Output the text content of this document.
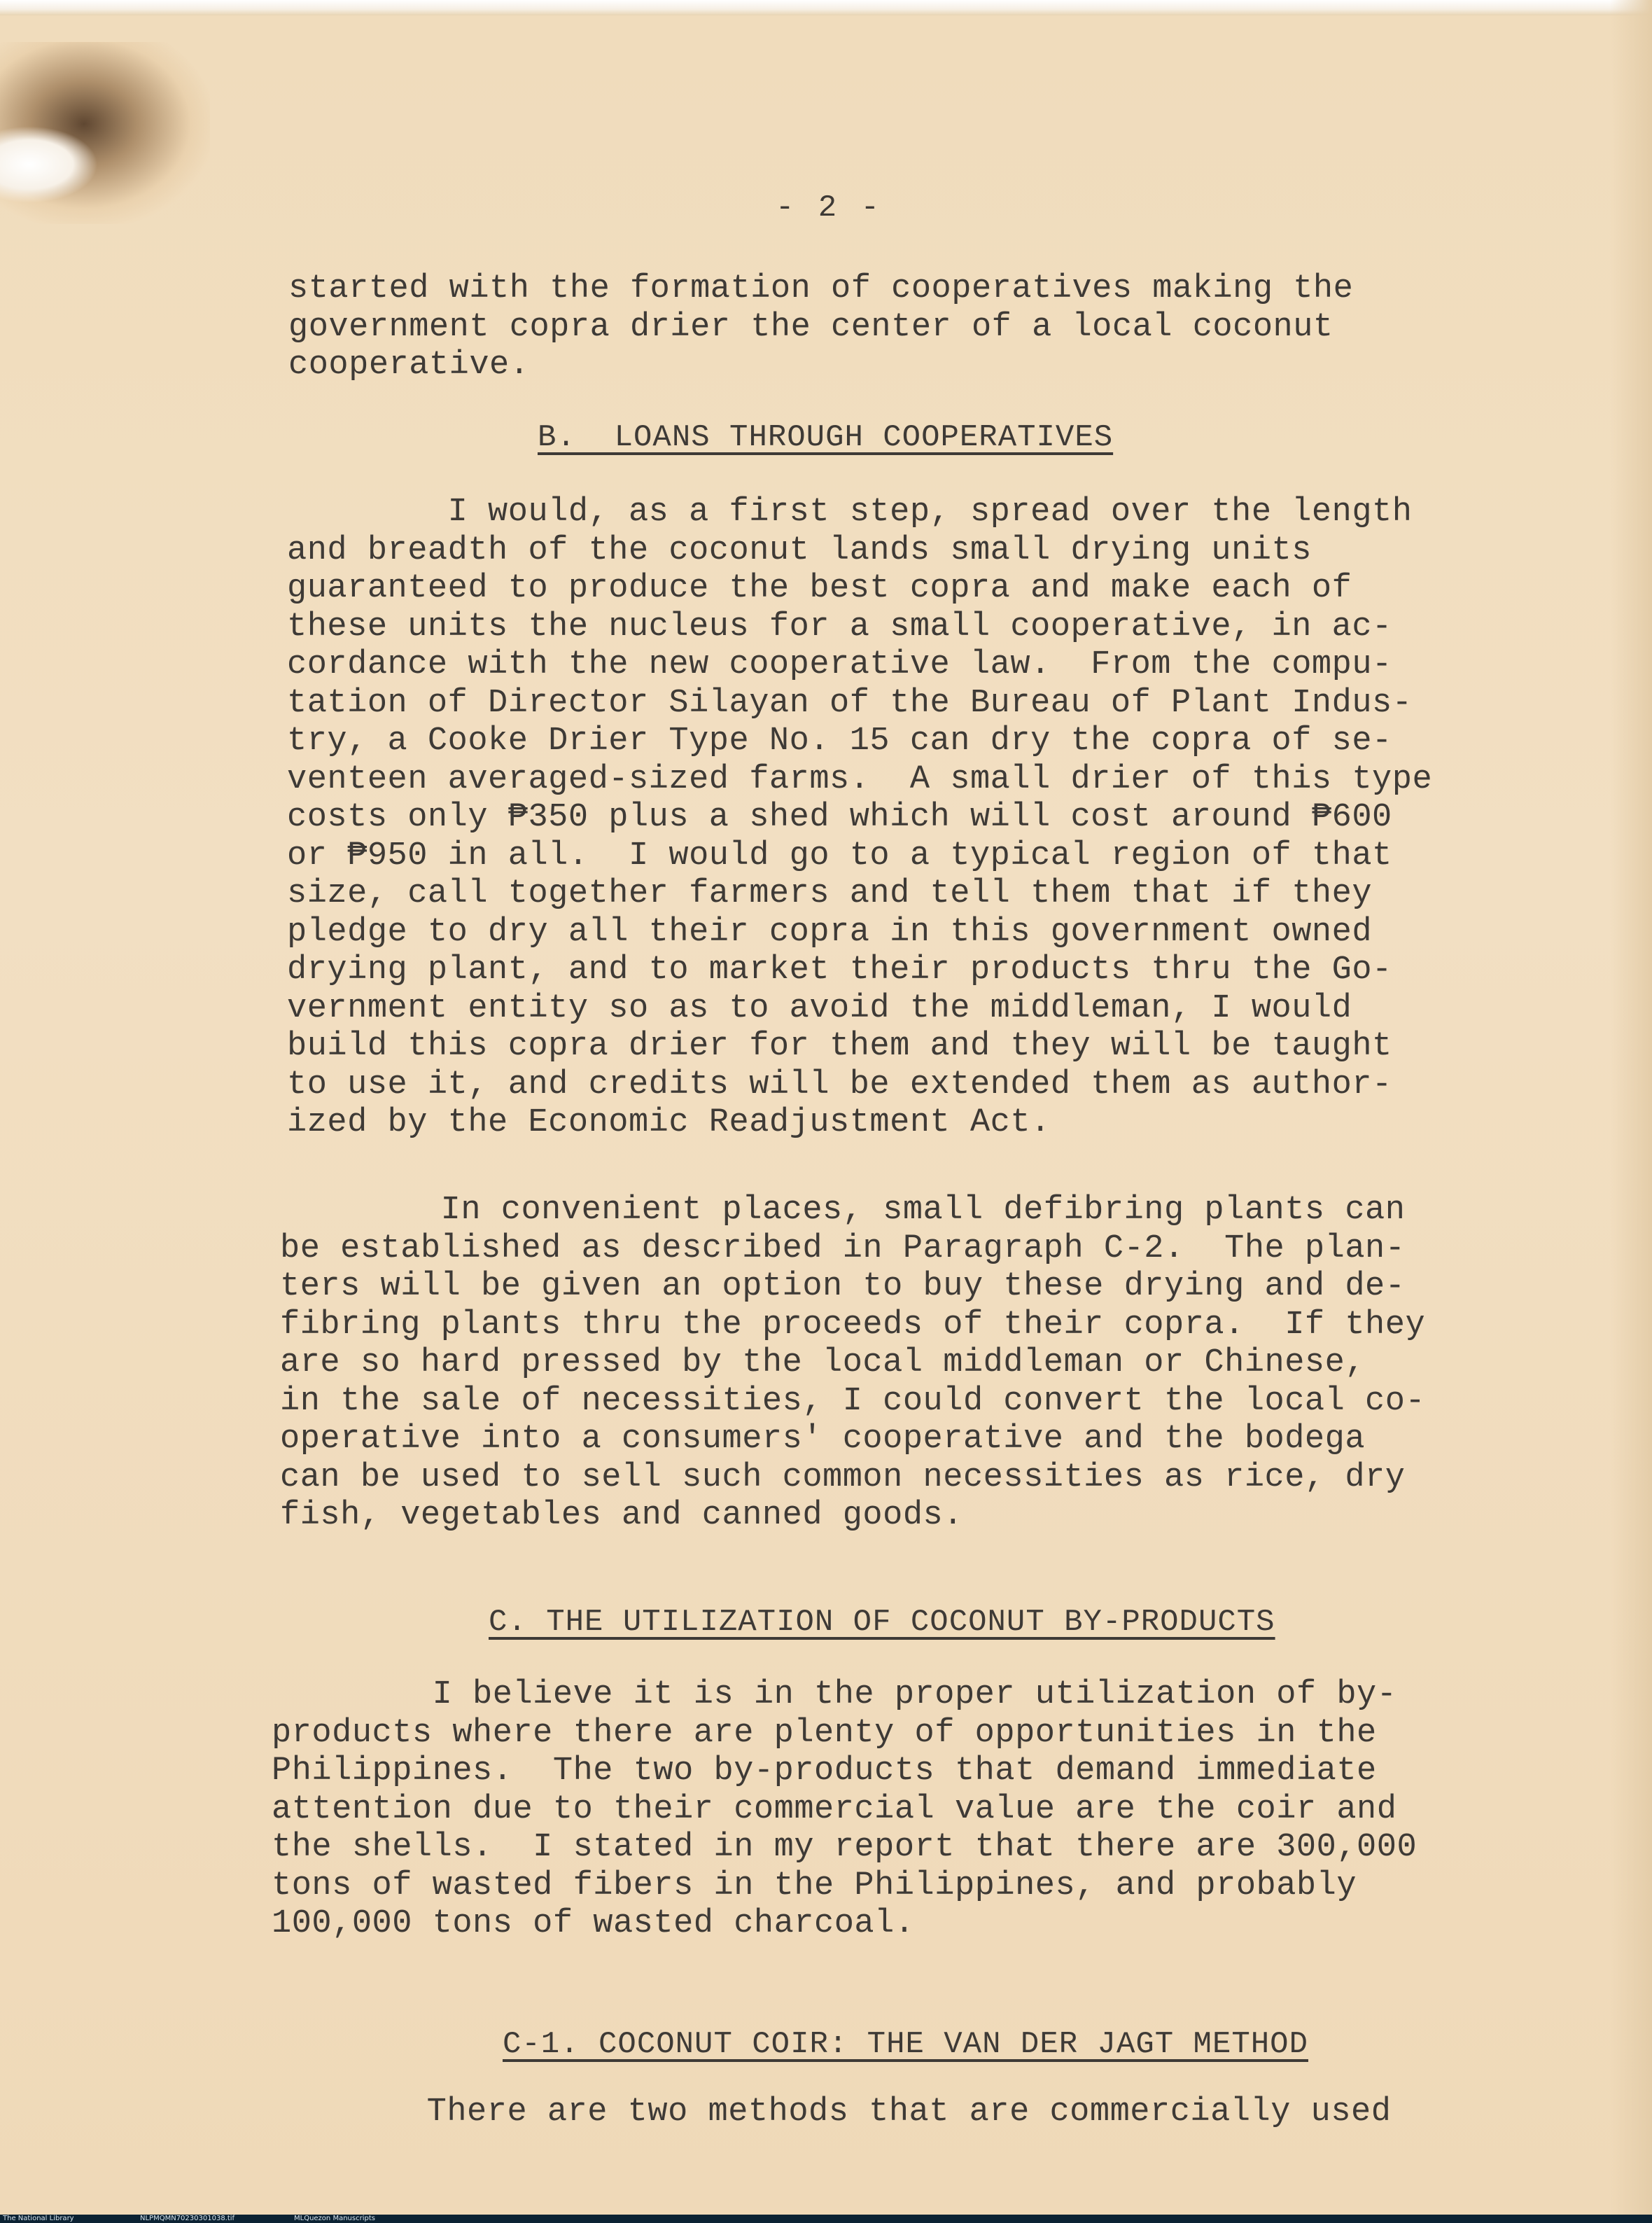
- 2 -

started with the formation of cooperatives making the
government copra drier the center of a local coconut
cooperative.

B.  LOANS THROUGH COOPERATIVES

I would, as a first step, spread over the length
and breadth of the coconut lands small drying units
guaranteed to produce the best copra and make each of
these units the nucleus for a small cooperative, in ac-
cordance with the new cooperative law.  From the compu-
tation of Director Silayan of the Bureau of Plant Indus-
try, a Cooke Drier Type No. 15 can dry the copra of se-
venteen averaged-sized farms.  A small drier of this type
costs only ₱350 plus a shed which will cost around ₱600
or ₱950 in all.  I would go to a typical region of that
size, call together farmers and tell them that if they
pledge to dry all their copra in this government owned
drying plant, and to market their products thru the Go-
vernment entity so as to avoid the middleman, I would
build this copra drier for them and they will be taught
to use it, and credits will be extended them as author-
ized by the Economic Readjustment Act.

In convenient places, small defibring plants can
be established as described in Paragraph C-2.  The plan-
ters will be given an option to buy these drying and de-
fibring plants thru the proceeds of their copra.  If they
are so hard pressed by the local middleman or Chinese,
in the sale of necessities, I could convert the local co-
operative into a consumers' cooperative and the bodega
can be used to sell such common necessities as rice, dry
fish, vegetables and canned goods.

C. THE UTILIZATION OF COCONUT BY-PRODUCTS

I believe it is in the proper utilization of by-
products where there are plenty of opportunities in the
Philippines.  The two by-products that demand immediate
attention due to their commercial value are the coir and
the shells.  I stated in my report that there are 300,000
tons of wasted fibers in the Philippines, and probably
100,000 tons of wasted charcoal.

C-1. COCONUT COIR: THE VAN DER JAGT METHOD

There are two methods that are commercially used

The National Library	NLPMQMN70230301038.tif	MLQuezon Manuscripts
